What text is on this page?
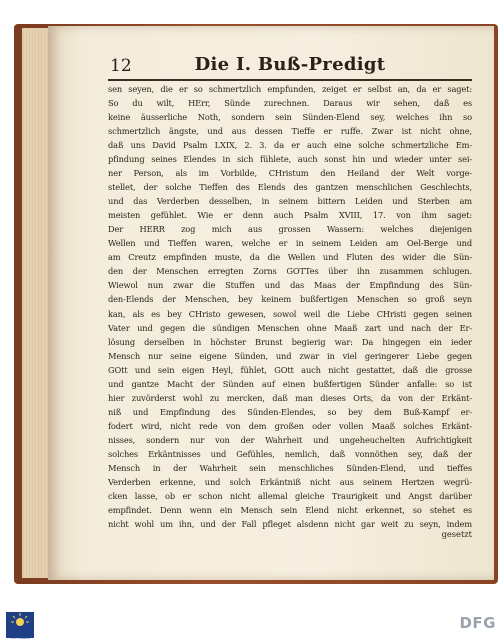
12	Die I. Buß-Predigt
sen seyen, die er so schmertzlich empfunden, zeiget er selbst an, da er saget:
So du wilt, HErr, Sünde zurechnen. Daraus wir sehen, daß es
keine äusserliche Noth, sondern sein Sünden-Elend sey, welches ihn so
schmertzlich ängste, und aus dessen Tieffe er ruffe. Zwar ist nicht ohne,
daß uns David Psalm LXIX, 2. 3. da er auch eine solche schmertzliche Em-
pfindung seines Elendes in sich fühlete, auch sonst hin und wieder unter sei-
ner Person, als im Vorbilde, CHristum den Heiland der Welt vorge-
stellet, der solche Tieffen des Elends des gantzen menschlichen Geschlechts,
und das Verderben desselben, in seinem bittern Leiden und Sterben am
meisten gefühlet. Wie er denn auch Psalm XVIII, 17. von ihm saget:
Der HERR zog mich aus grossen Wassern: welches diejenigen
Wellen und Tieffen waren, welche er in seinem Leiden am Oel-Berge und
am Creutz empfinden muste, da die Wellen und Fluten des wider die Sün-
den der Menschen erregten Zorns GOTTes über ihn zusammen schlugen.
Wiewol nun zwar die Stuffen und das Maas der Empfindung des Sün-
den-Elends der Menschen, bey keinem bußfertigen Menschen so groß seyn
kan, als es bey CHristo gewesen, sowol weil die Liebe CHristi gegen seinen
Vater und gegen die sündigen Menschen ohne Maaß zart und nach der Er-
lösung derselben in höchster Brunst begierig war: Da hingegen ein ieder
Mensch nur seine eigene Sünden, und zwar in viel geringerer Liebe gegen
GOtt und sein eigen Heyl, fühlet, GOtt auch nicht gestattet, daß die grosse
und gantze Macht der Sünden auf einen bußfertigen Sünder anfalle: so ist
hier zuvörderst wohl zu mercken, daß man dieses Orts, da von der Erkänt-
niß und Empfindung des Sünden-Elendes, so bey dem Buß-Kampf er-
fodert wird, nicht rede von dem großen oder vollen Maaß solches Erkänt-
nisses, sondern nur von der Wahrheit und ungeheuchelten Aufrichtigkeit
solches Erkäntnisses und Gefühles, nemlich, daß vonnöthen sey, daß der
Mensch in der Wahrheit sein menschliches Sünden-Elend, und tieffes
Verderben erkenne, und solch Erkäntniß nicht aus seinem Hertzen wegrü-
cken lasse, ob er schon nicht allemal gleiche Traurigkeit und Angst darüber
empfindet. Denn wenn ein Mensch sein Elend nicht erkennet, so stehet es
nicht wohl um ihn, und der Fall pfleget alsdenn nicht gar weit zu seyn, indem
gesetzt
FRANCKESCHE
STIFTUNGEN
DFG
